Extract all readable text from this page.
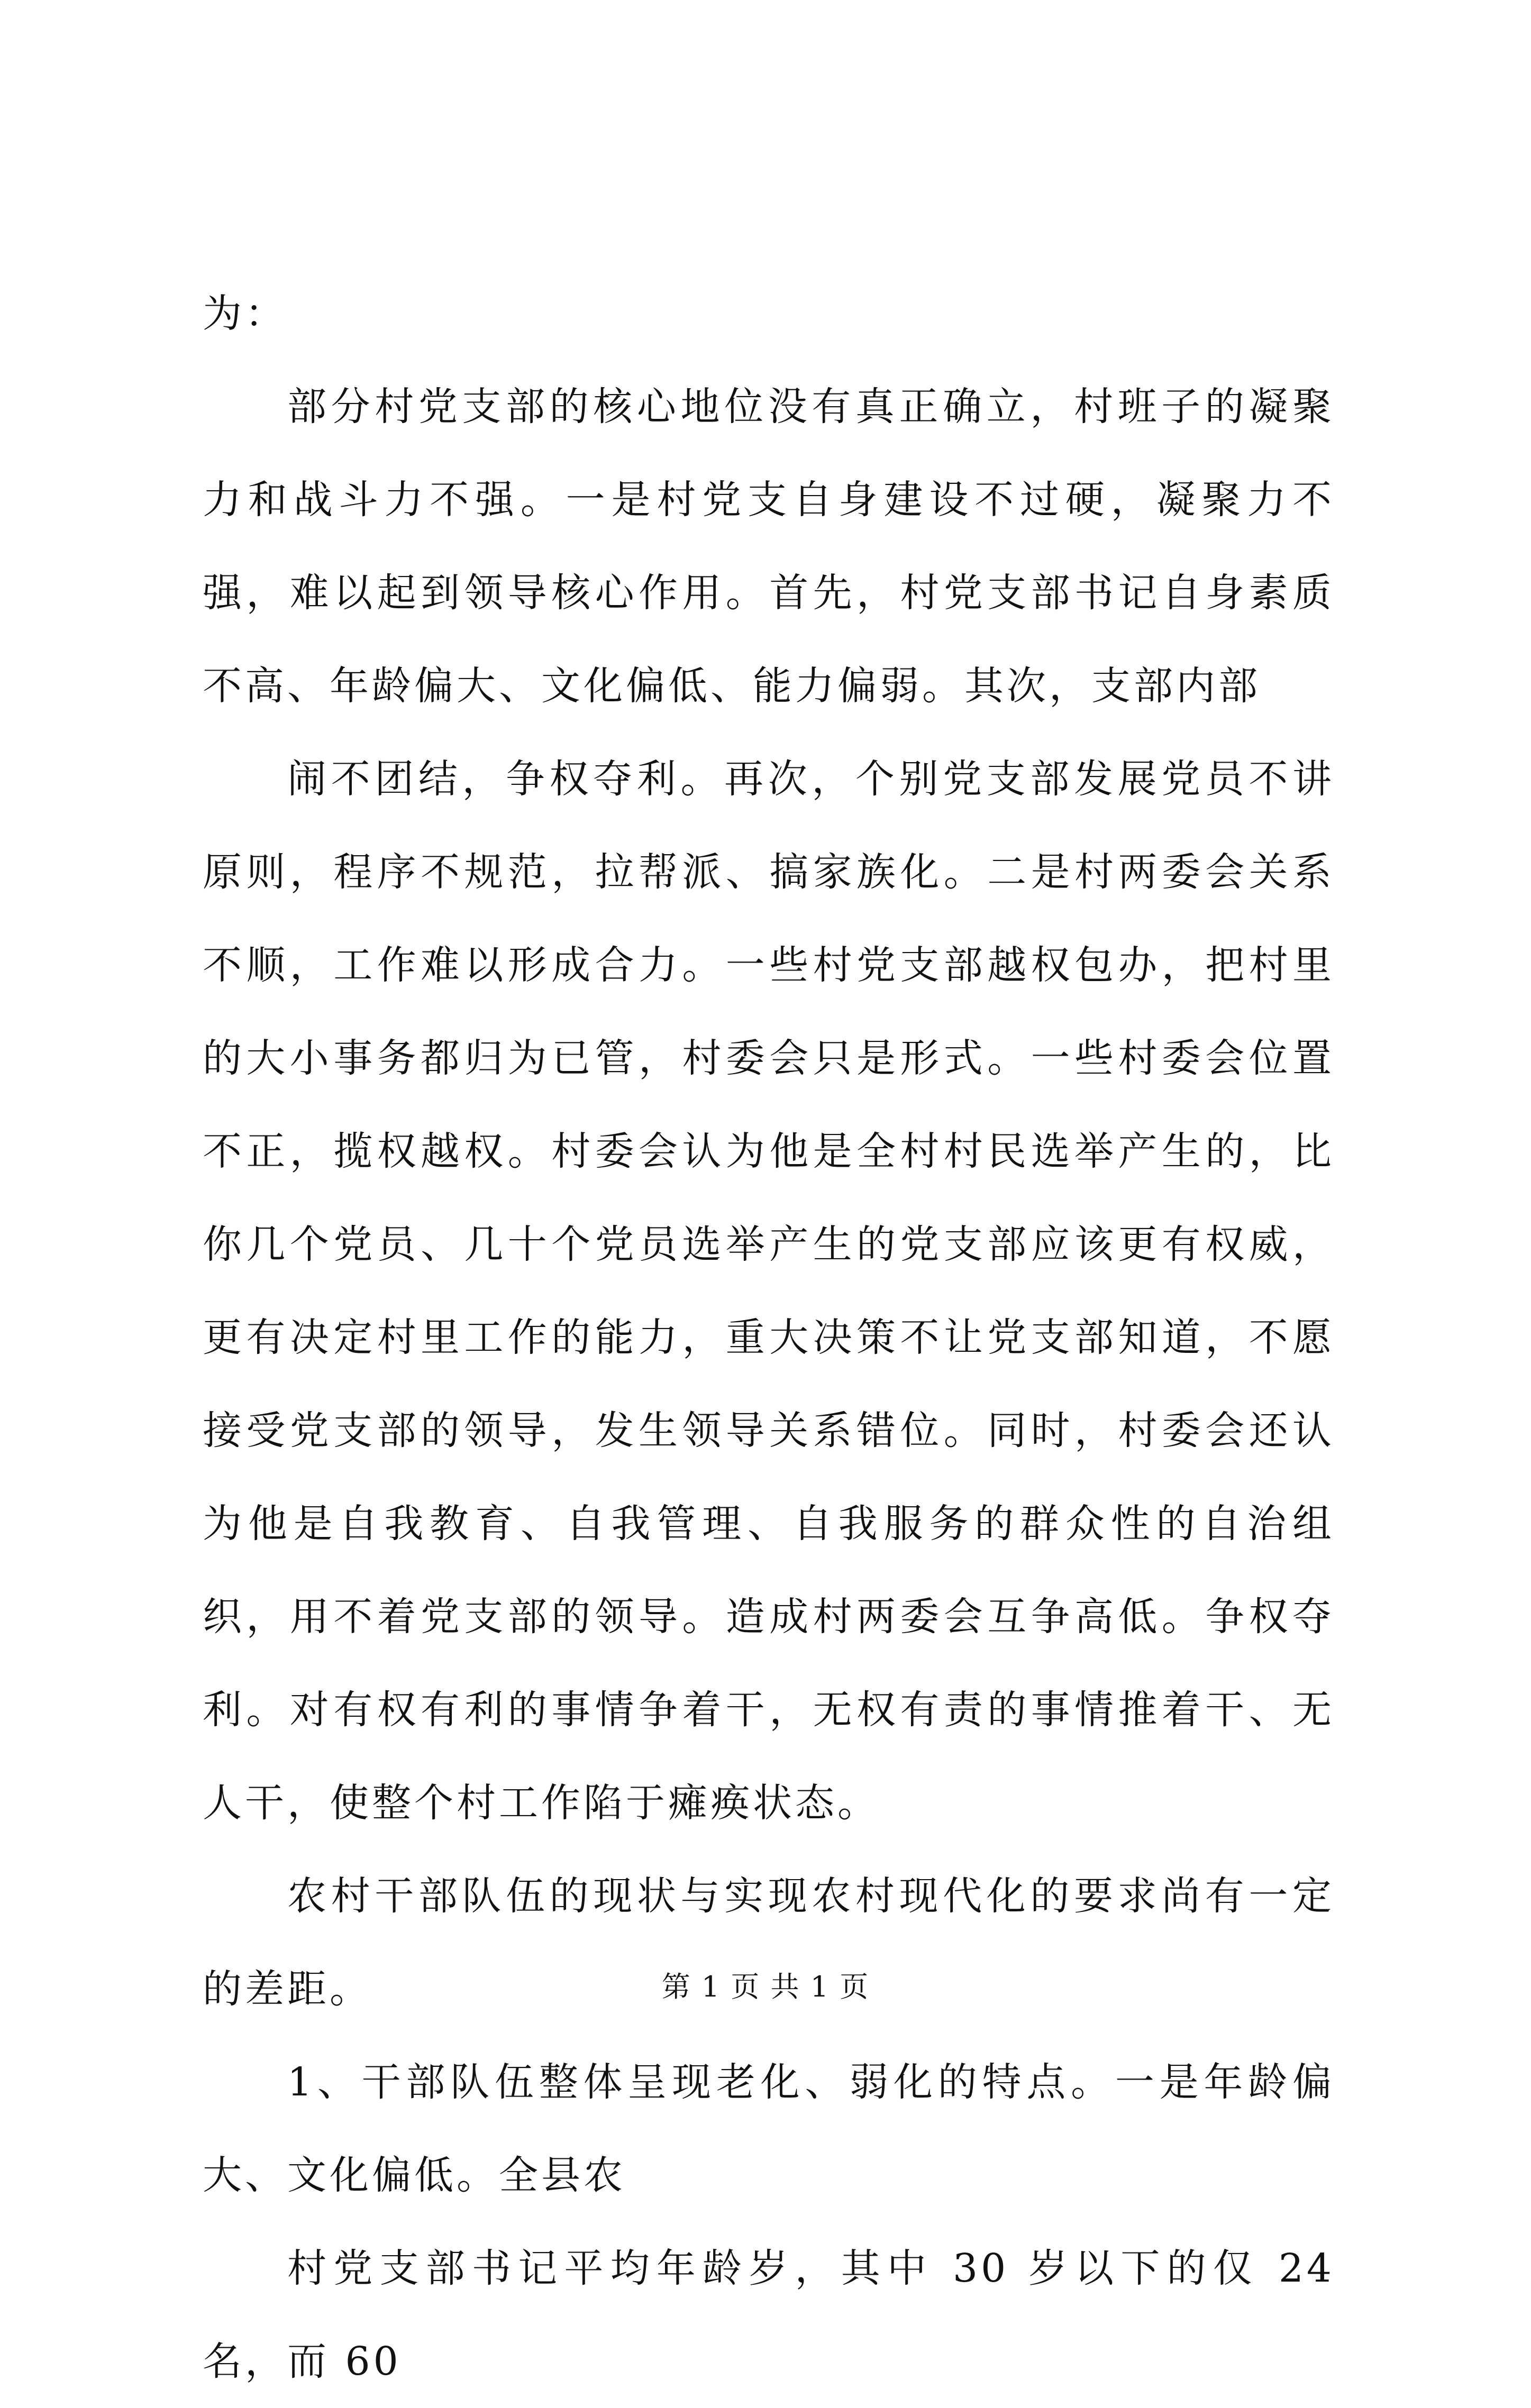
为：

部分村党支部的核心地位没有真正确立，村班子的凝聚力和战斗力不强。一是村党支自身建设不过硬，凝聚力不强，难以起到领导核心作用。首先，村党支部书记自身素质不高、年龄偏大、文化偏低、能力偏弱。其次，支部内部

闹不团结，争权夺利。再次，个别党支部发展党员不讲原则，程序不规范，拉帮派、搞家族化。二是村两委会关系不顺，工作难以形成合力。一些村党支部越权包办，把村里的大小事务都归为已管，村委会只是形式。一些村委会位置不正，揽权越权。村委会认为他是全村村民选举产生的，比你几个党员、几十个党员选举产生的党支部应该更有权威，更有决定村里工作的能力，重大决策不让党支部知道，不愿接受党支部的领导，发生领导关系错位。同时，村委会还认为他是自我教育、自我管理、自我服务的群众性的自治组织，用不着党支部的领导。造成村两委会互争高低。争权夺利。对有权有利的事情争着干，无权有责的事情推着干、无人干，使整个村工作陷于瘫痪状态。

农村干部队伍的现状与实现农村现代化的要求尚有一定的差距。

1、干部队伍整体呈现老化、弱化的特点。一是年龄偏大、文化偏低。全县农

村党支部书记平均年龄岁，其中 30 岁以下的仅 24 名，而 60

第 1 页 共 1 页
